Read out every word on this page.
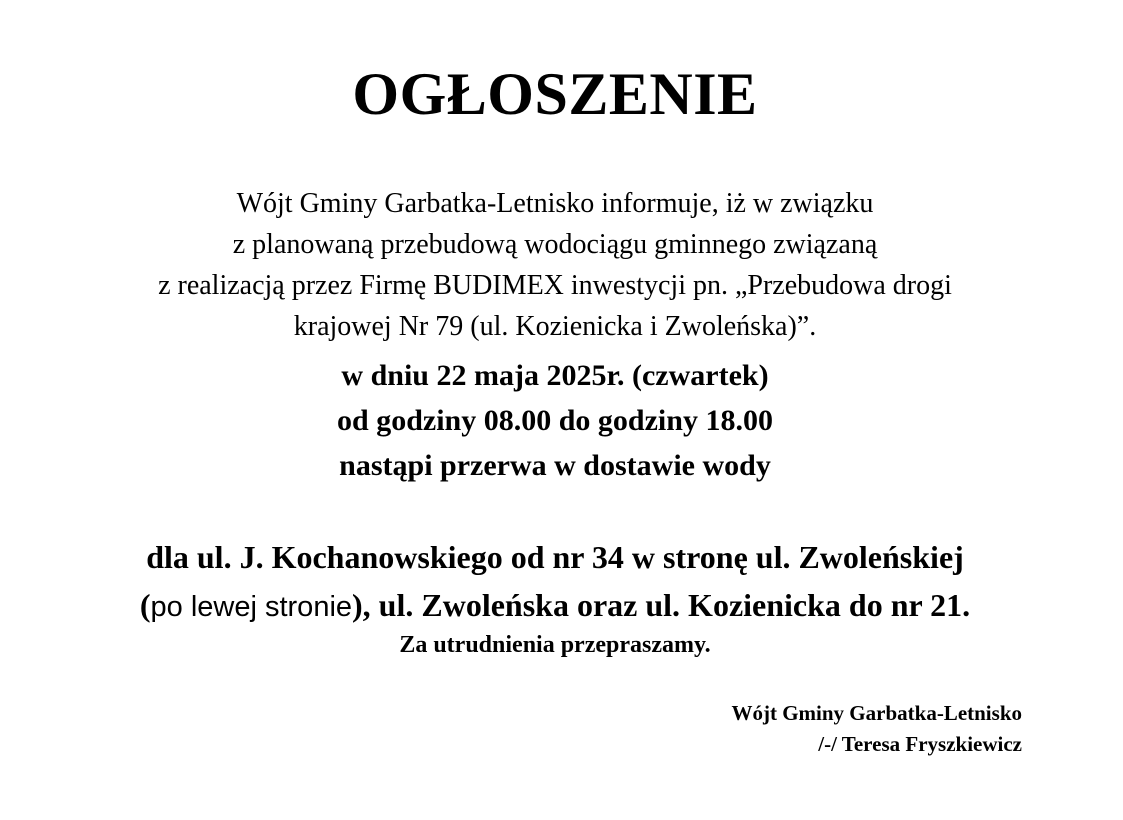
OGŁOSZENIE
Wójt Gminy Garbatka-Letnisko informuje, iż w związku
z planowaną przebudową wodociągu gminnego związaną
z realizacją przez Firmę BUDIMEX inwestycji pn. „Przebudowa drogi
krajowej Nr 79 (ul. Kozienicka i Zwoleńska)”.
w dniu 22 maja 2025r. (czwartek)
od godziny 08.00 do godziny 18.00
nastąpi przerwa w dostawie wody
dla ul. J. Kochanowskiego od nr 34 w stronę ul. Zwoleńskiej
(po lewej stronie), ul. Zwoleńska oraz ul. Kozienicka do nr 21.
Za utrudnienia przepraszamy.
Wójt Gminy Garbatka-Letnisko
/-/ Teresa Fryszkiewicz
